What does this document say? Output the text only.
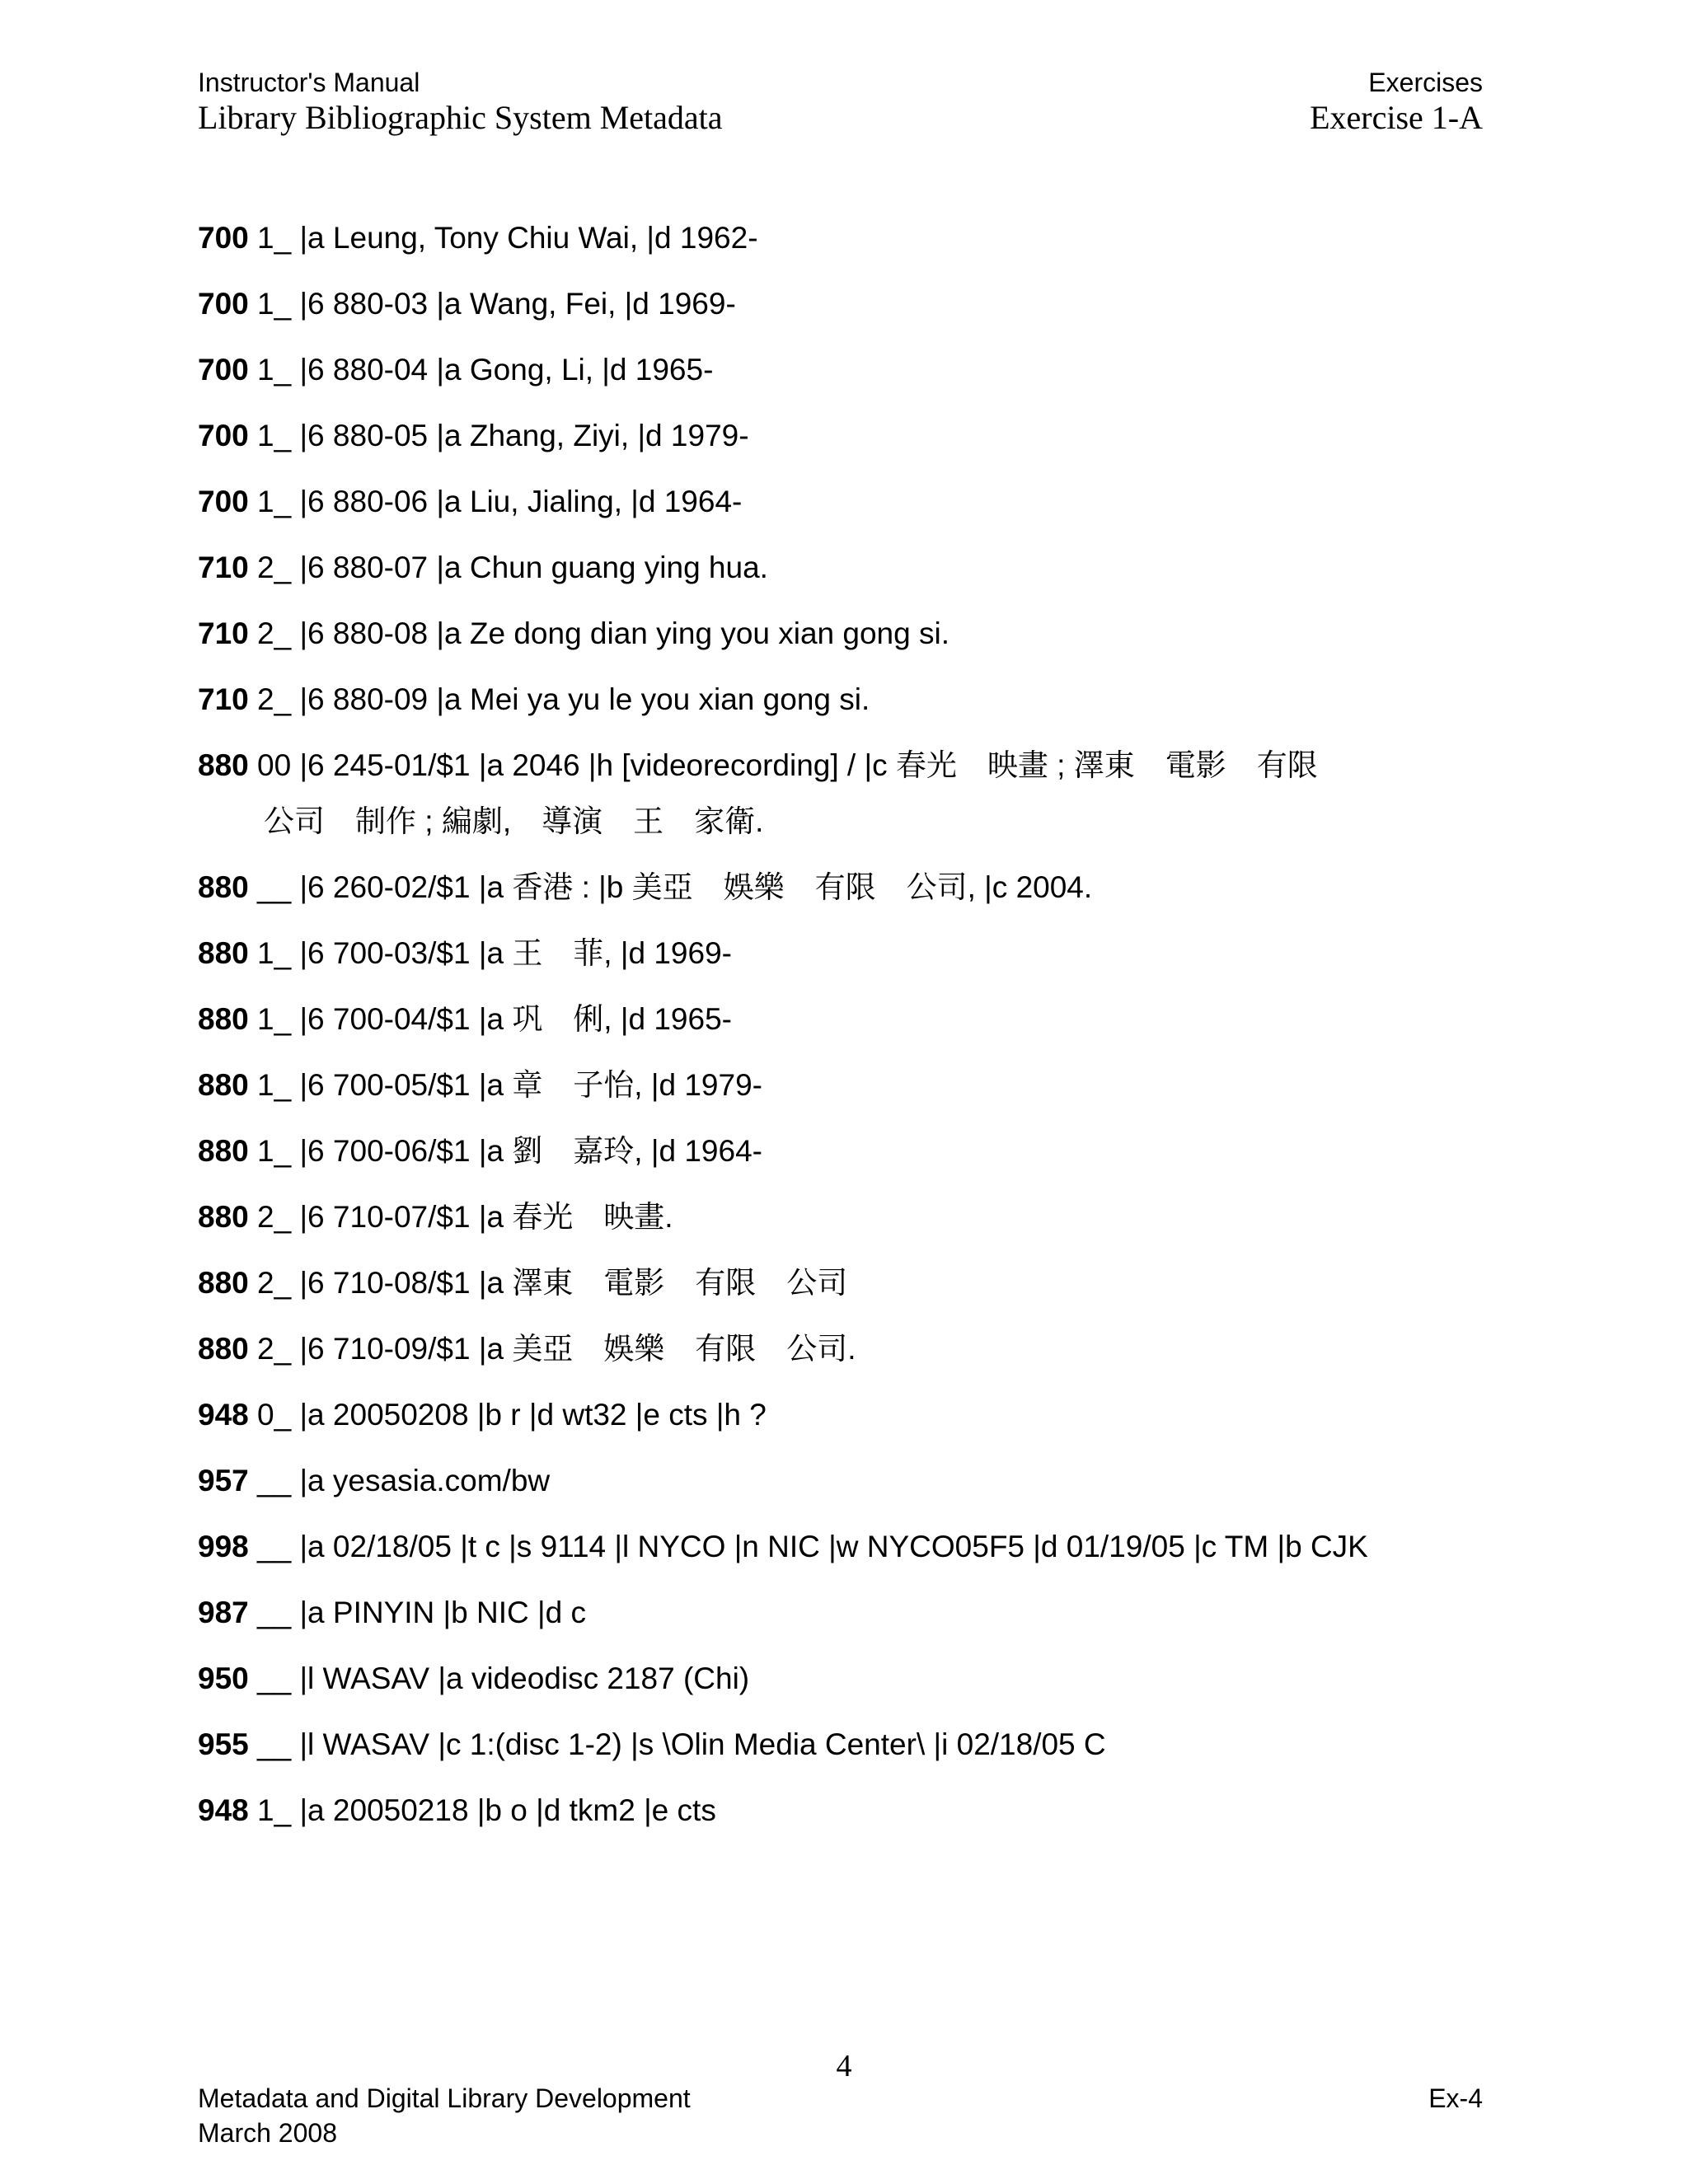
Instructor's Manual
Library Bibliographic System Metadata
Exercises
Exercise 1-A
700 1_ |a Leung, Tony Chiu Wai, |d 1962-
700 1_ |6 880-03 |a Wang, Fei, |d 1969-
700 1_ |6 880-04 |a Gong, Li, |d 1965-
700 1_ |6 880-05 |a Zhang, Ziyi, |d 1979-
700 1_ |6 880-06 |a Liu, Jialing, |d 1964-
710 2_ |6 880-07 |a Chun guang ying hua.
710 2_ |6 880-08 |a Ze dong dian ying you xian gong si.
710 2_ |6 880-09 |a Mei ya yu le you xian gong si.
880 00 |6 245-01/$1 |a 2046 |h [videorecording] / |c 春光　映畫 ; 澤東　電影　有限
公司　制作 ; 編劇,　導演　王　家衛.
880 __ |6 260-02/$1 |a 香港 : |b 美亞　娛樂　有限　公司, |c 2004.
880 1_ |6 700-03/$1 |a 王　菲, |d 1969-
880 1_ |6 700-04/$1 |a 巩　俐, |d 1965-
880 1_ |6 700-05/$1 |a 章　子怡, |d 1979-
880 1_ |6 700-06/$1 |a 劉　嘉玲, |d 1964-
880 2_ |6 710-07/$1 |a 春光　映畫.
880 2_ |6 710-08/$1 |a 澤東　電影　有限　公司
880 2_ |6 710-09/$1 |a 美亞　娛樂　有限　公司.
948 0_ |a 20050208 |b r |d wt32 |e cts |h ?
957 __ |a yesasia.com/bw
998 __ |a 02/18/05 |t c |s 9114 |l NYCO |n NIC |w NYCO05F5 |d 01/19/05 |c TM |b CJK
987 __ |a PINYIN |b NIC |d c
950 __ |l WASAV |a videodisc 2187 (Chi)
955 __ |l WASAV |c 1:(disc 1-2) |s \Olin Media Center\ |i 02/18/05 C
948 1_ |a 20050218 |b o |d tkm2 |e cts
4
Metadata and Digital Library Development
March 2008
Ex-4
